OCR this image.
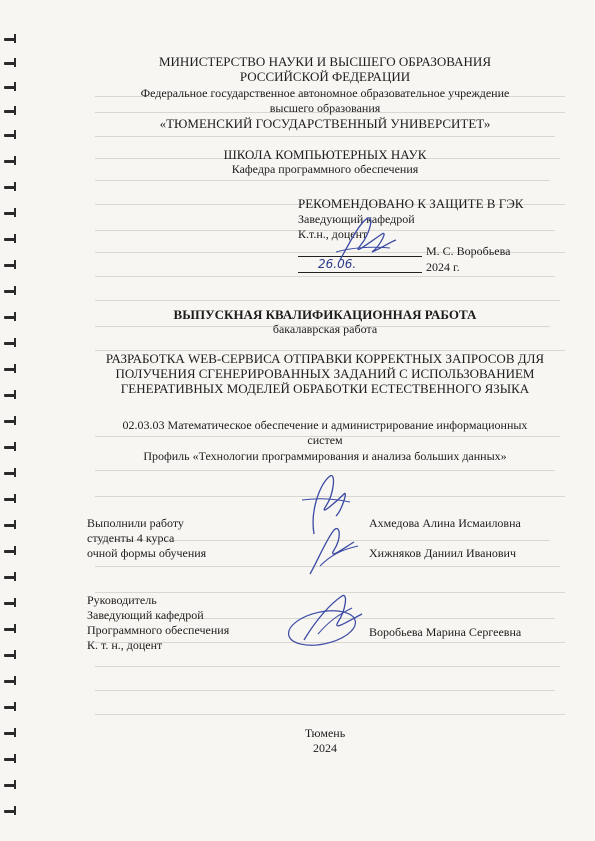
МИНИСТЕРСТВО НАУКИ И ВЫСШЕГО ОБРАЗОВАНИЯ
РОССИЙСКОЙ ФЕДЕРАЦИИ
Федеральное государственное автономное образовательное учреждение
высшего образования
«ТЮМЕНСКИЙ ГОСУДАРСТВЕННЫЙ УНИВЕРСИТЕТ»
ШКОЛА КОМПЬЮТЕРНЫХ НАУК
Кафедра программного обеспечения
РЕКОМЕНДОВАНО К ЗАЩИТЕ В ГЭК
Заведующий кафедрой
К.т.н., доцент
М. С. Воробьева
26.06.	2024 г.
ВЫПУСКНАЯ КВАЛИФИКАЦИОННАЯ РАБОТА
бакалаврская работа
РАЗРАБОТКА WEB-СЕРВИСА ОТПРАВКИ КОРРЕКТНЫХ ЗАПРОСОВ ДЛЯ
ПОЛУЧЕНИЯ СГЕНЕРИРОВАННЫХ ЗАДАНИЙ С ИСПОЛЬЗОВАНИЕМ
ГЕНЕРАТИВНЫХ МОДЕЛЕЙ ОБРАБОТКИ ЕСТЕСТВЕННОГО ЯЗЫКА
02.03.03 Математическое обеспечение и администрирование информационных
систем
Профиль «Технологии программирования и анализа больших данных»
Выполнили работу
студенты 4 курса
очной формы обучения
Ахмедова Алина Исмаиловна
Хижняков Даниил Иванович
Руководитель
Заведующий кафедрой
Программного обеспечения
К. т. н., доцент
Воробьева Марина Сергеевна
Тюмень
2024
